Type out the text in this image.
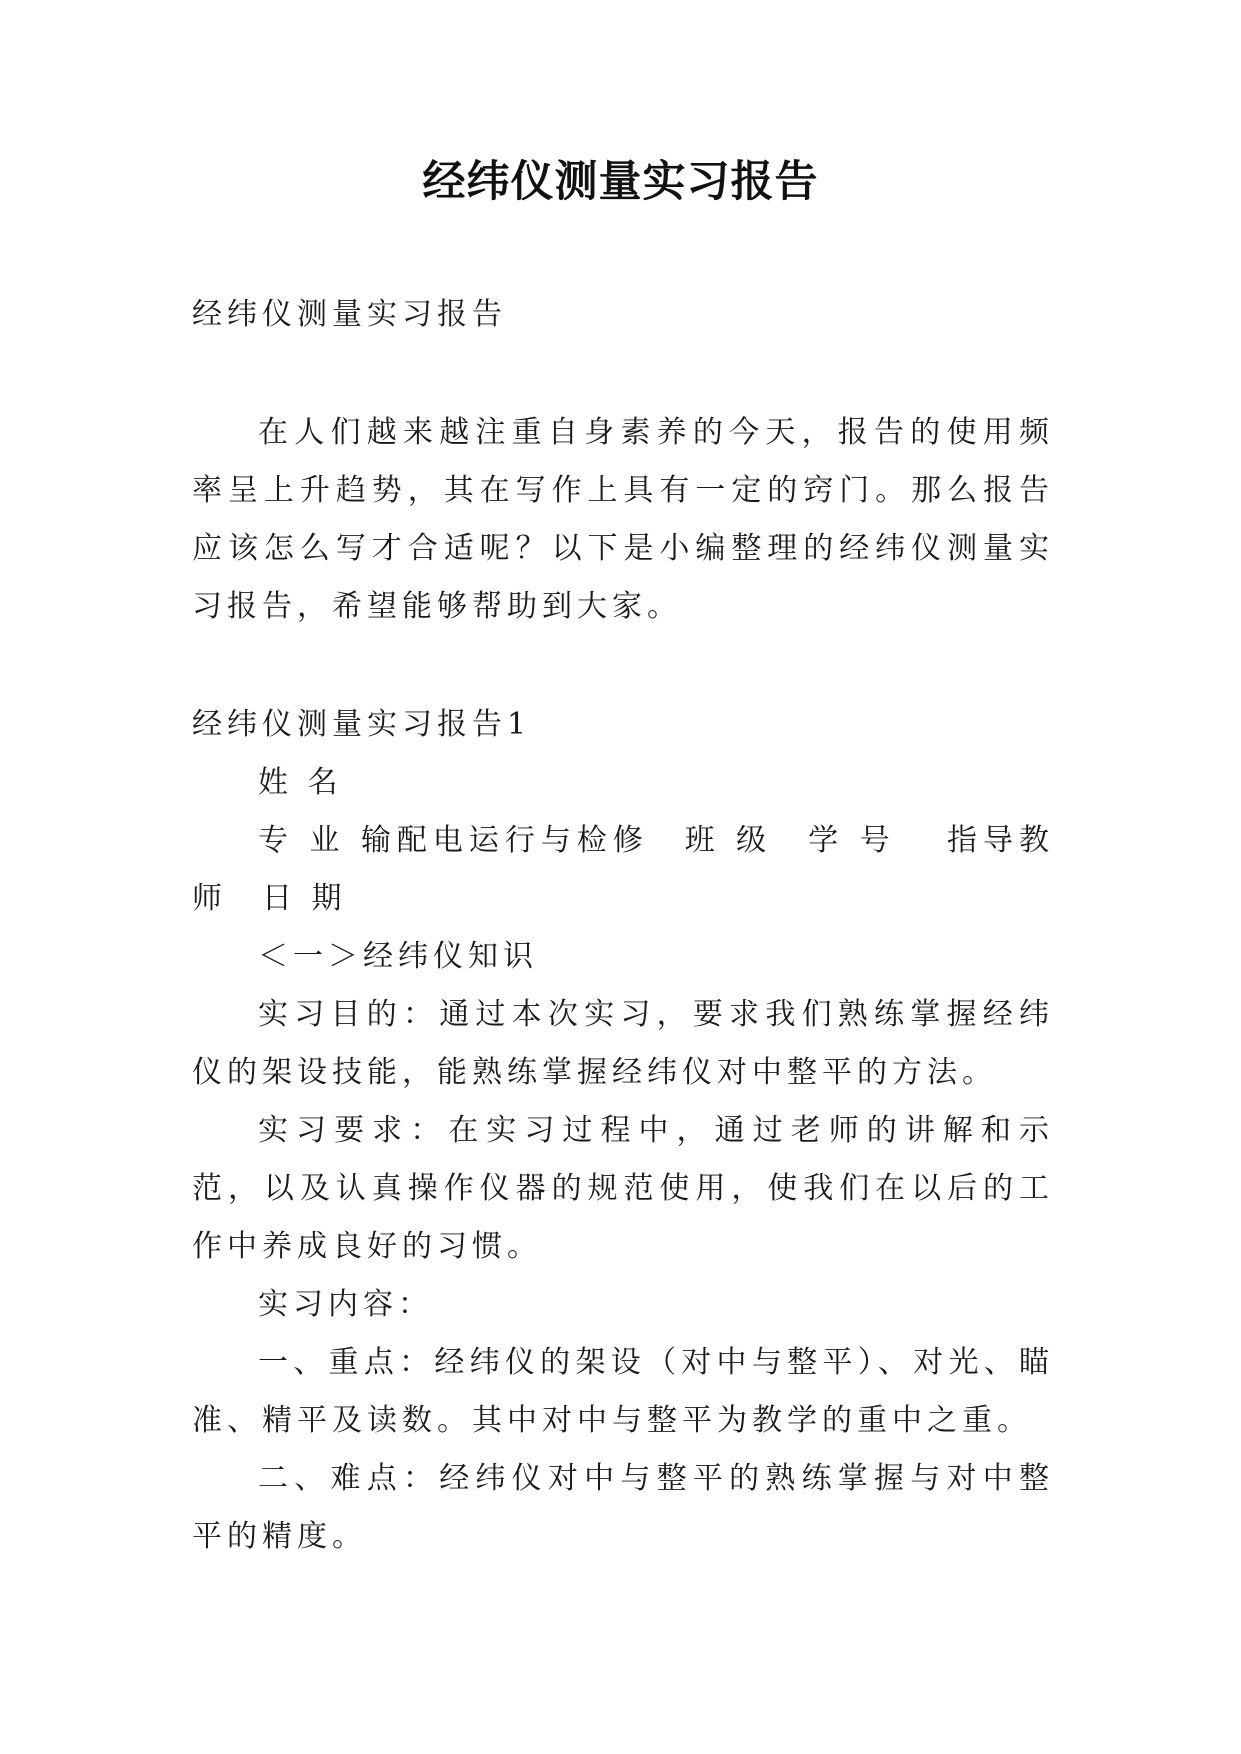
经纬仪测量实习报告

经纬仪测量实习报告

在人们越来越注重自身素养的今天，报告的使用频率呈上升趋势，其在写作上具有一定的窍门。那么报告应该怎么写才合适呢？以下是小编整理的经纬仪测量实习报告，希望能够帮助到大家。

经纬仪测量实习报告1

姓 名

专 业 输配电运行与检修　班 级　学 号　 指导教师　日 期

＜一＞经纬仪知识

实习目的：通过本次实习，要求我们熟练掌握经纬仪的架设技能，能熟练掌握经纬仪对中整平的方法。

实习要求：在实习过程中，通过老师的讲解和示范，以及认真操作仪器的规范使用，使我们在以后的工作中养成良好的习惯。

实习内容：

一、重点：经纬仪的架设（对中与整平）、对光、瞄准、精平及读数。其中对中与整平为教学的重中之重。

二、难点：经纬仪对中与整平的熟练掌握与对中整平的精度。
